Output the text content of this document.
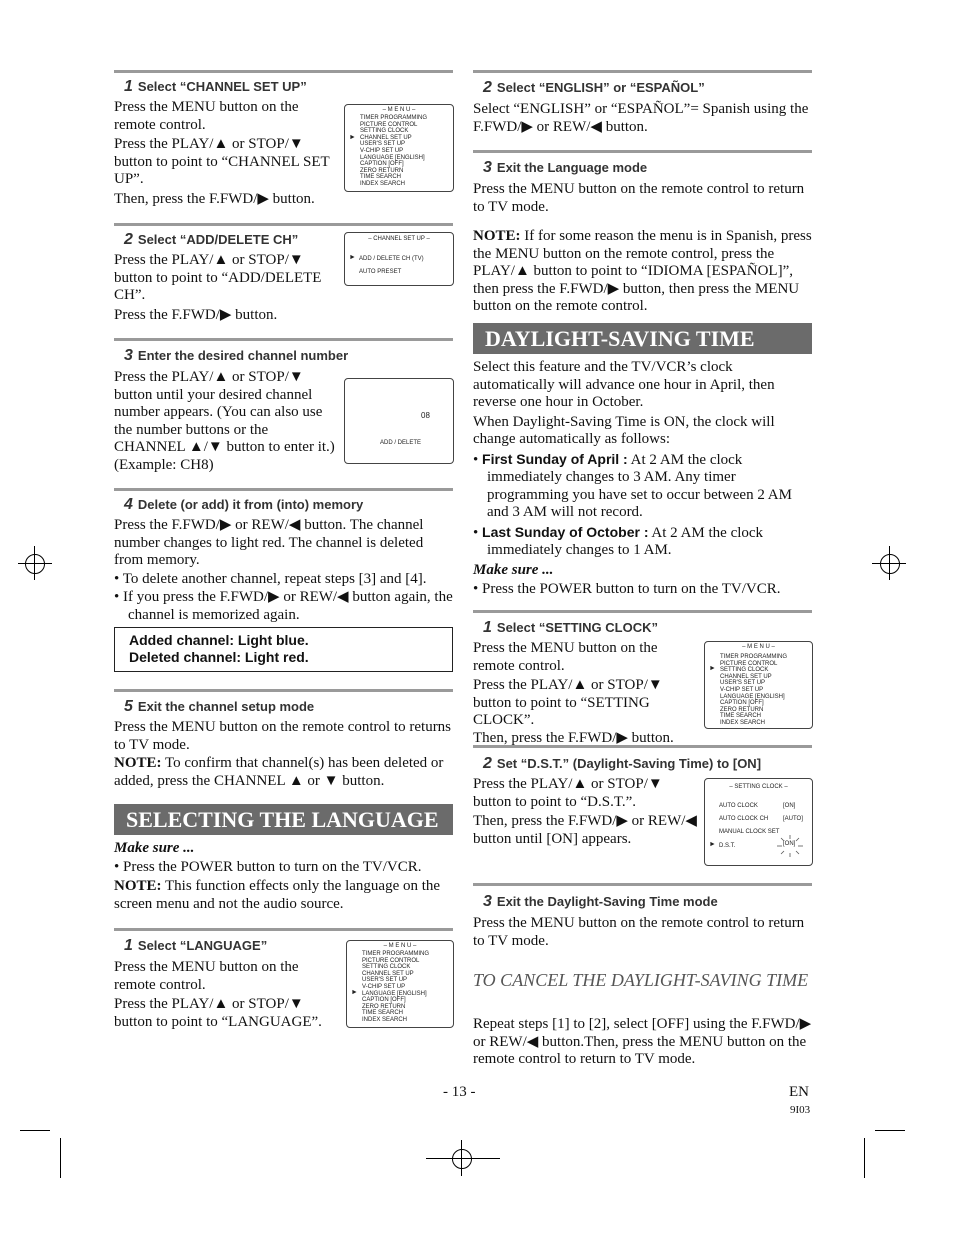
1 Select “CHANNEL SET UP”
Press the MENU button on the remote control.
Press the PLAY/▲ or STOP/▼ button to point to “CHANNEL SET UP”.
Then, press the F.FWD/▶ button.
– M E N U –
TIMER PROGRAMMING
PICTURE CONTROL
SETTING CLOCK
CHANNEL SET UP
USER'S SET UP
V-CHIP SET UP
LANGUAGE [ENGLISH]
CAPTION [OFF]
ZERO RETURN
TIME SEARCH
INDEX SEARCH
►
2 Select “ADD/DELETE CH”
Press the PLAY/▲ or STOP/▼ button to point to “ADD/DELETE CH”.
Press the F.FWD/▶ button.
– CHANNEL SET UP –
ADD / DELETE CH (TV)
AUTO PRESET
►
3 Enter the desired channel number
Press the PLAY/▲ or STOP/▼ button until your desired channel number appears. (You can also use the number buttons or the CHANNEL ▲/▼ button to enter it.) (Example: CH8)
08
ADD / DELETE
4 Delete (or add) it from (into) memory
Press the F.FWD/▶ or REW/◀ button. The channel number changes to light red. The channel is deleted from memory.
• To delete another channel, repeat steps [3] and [4].
• If you press the F.FWD/▶ or REW/◀ button again, the channel is memorized again.
Added channel: Light blue.
Deleted channel: Light red.
5 Exit the channel setup mode
Press the MENU button on the remote control to returns to TV mode.
NOTE: To confirm that channel(s) has been deleted or added, press the CHANNEL ▲ or ▼ button.
SELECTING THE LANGUAGE
Make sure ...
• Press the POWER button to turn on the TV/VCR.
NOTE: This function effects only the language on the screen menu and not the audio source.
1 Select “LANGUAGE”
Press the MENU button on the remote control.
Press the PLAY/▲ or STOP/▼ button to point to “LANGUAGE”.
– M E N U –
TIMER PROGRAMMING
PICTURE CONTROL
SETTING CLOCK
CHANNEL SET UP
USER'S SET UP
V-CHIP SET UP
LANGUAGE [ENGLISH]
CAPTION [OFF]
ZERO RETURN
TIME SEARCH
INDEX SEARCH
►
2 Select “ENGLISH” or “ESPAÑOL”
Select “ENGLISH” or “ESPAÑOL”= Spanish using the F.FWD/▶ or REW/◀ button.
3 Exit the Language mode
Press the MENU button on the remote control to return to TV mode.
NOTE: If for some reason the menu is in Spanish, press the MENU button on the remote control, press the PLAY/▲ button to point to “IDIOMA [ESPAÑOL]”, then press the F.FWD/▶ button, then press the MENU button on the remote control.
DAYLIGHT-SAVING TIME
Select this feature and the TV/VCR’s clock automatically will advance one hour in April, then reverse one hour in October.
When Daylight-Saving Time is ON, the clock will change automatically as follows:
• First Sunday of April : At 2 AM the clock immediately changes to 3 AM. Any timer programming you have set to occur between 2 AM and 3 AM will not record.
• Last Sunday of October : At 2 AM the clock immediately changes to 1 AM.
Make sure ...
• Press the POWER button to turn on the TV/VCR.
1 Select “SETTING CLOCK”
Press the MENU button on the remote control.
Press the PLAY/▲ or STOP/▼ button to point to “SETTING CLOCK”.
Then, press the F.FWD/▶ button.
– M E N U –
TIMER PROGRAMMING
PICTURE CONTROL
SETTING CLOCK
CHANNEL SET UP
USER'S SET UP
V-CHIP SET UP
LANGUAGE [ENGLISH]
CAPTION [OFF]
ZERO RETURN
TIME SEARCH
INDEX SEARCH
►
2 Set “D.S.T.” (Daylight-Saving Time) to [ON]
Press the PLAY/▲ or STOP/▼ button to point to “D.S.T.”.
Then, press the F.FWD/▶ or REW/◀ button until [ON] appears.
– SETTING CLOCK –
AUTO CLOCK	[ON]
AUTO CLOCK CH [AUTO]
MANUAL CLOCK SET
D.S.T.	[ON]
►
3 Exit the Daylight-Saving Time mode
Press the MENU button on the remote control to return to TV mode.
TO CANCEL THE DAYLIGHT-SAVING TIME
Repeat steps [1] to [2], select [OFF] using the F.FWD/▶ or REW/◀ button.Then, press the MENU button on the remote control to return to TV mode.
- 13 -	EN
9I03
